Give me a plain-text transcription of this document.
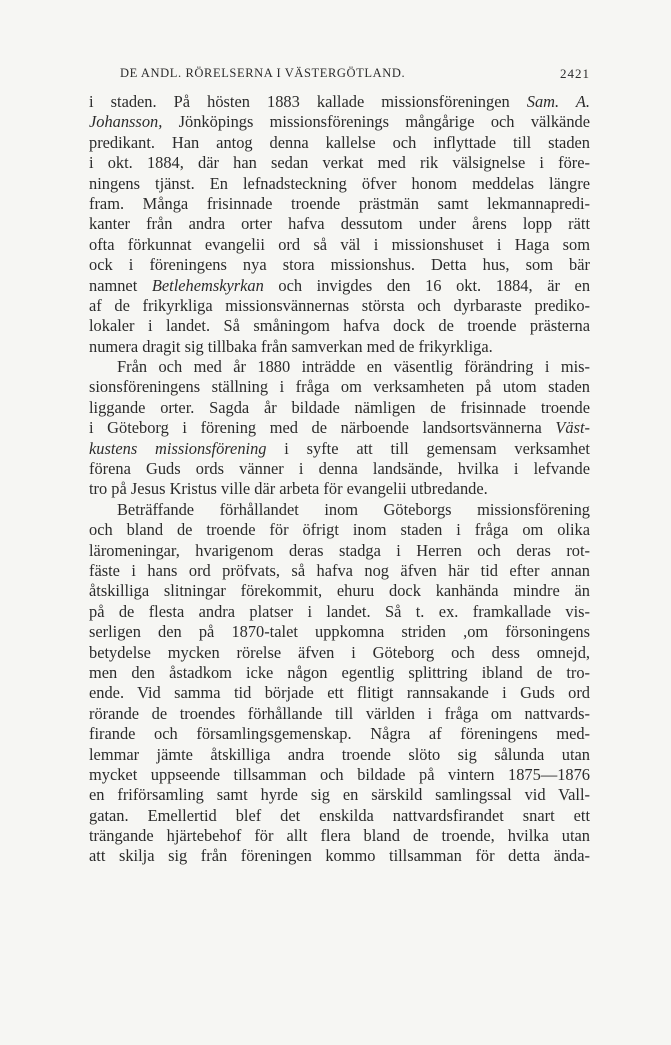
DE ANDL. RÖRELSERNA I VÄSTERGÖTLAND.	2421
i staden. På hösten 1883 kallade missionsföreningen Sam. A.
Johansson, Jönköpings missionsförenings mångårige och välkände
predikant. Han antog denna kallelse och inflyttade till staden
i okt. 1884, där han sedan verkat med rik välsignelse i före-
ningens tjänst. En lefnadsteckning öfver honom meddelas längre
fram. Många frisinnade troende prästmän samt lekmannapredi-
kanter från andra orter hafva dessutom under årens lopp rätt
ofta förkunnat evangelii ord så väl i missionshuset i Haga som
ock i föreningens nya stora missionshus. Detta hus, som bär
namnet Betlehemskyrkan och invigdes den 16 okt. 1884, är en
af de frikyrkliga missionsvännernas största och dyrbaraste prediko-
lokaler i landet. Så småningom hafva dock de troende prästerna
numera dragit sig tillbaka från samverkan med de frikyrkliga.
Från och med år 1880 inträdde en väsentlig förändring i mis-
sionsföreningens ställning i fråga om verksamheten på utom staden
liggande orter. Sagda år bildade nämligen de frisinnade troende
i Göteborg i förening med de närboende landsortsvännerna Väst-
kustens missionsförening i syfte att till gemensam verksamhet
förena Guds ords vänner i denna landsände, hvilka i lefvande
tro på Jesus Kristus ville där arbeta för evangelii utbredande.
Beträffande förhållandet inom Göteborgs missionsförening
och bland de troende för öfrigt inom staden i fråga om olika
läromeningar, hvarigenom deras stadga i Herren och deras rot-
fäste i hans ord pröfvats, så hafva nog äfven här tid efter annan
åtskilliga slitningar förekommit, ehuru dock kanhända mindre än
på de flesta andra platser i landet. Så t. ex. framkallade vis-
serligen den på 1870-talet uppkomna striden ,om försoningens
betydelse mycken rörelse äfven i Göteborg och dess omnejd,
men den åstadkom icke någon egentlig splittring ibland de tro-
ende. Vid samma tid började ett flitigt rannsakande i Guds ord
rörande de troendes förhållande till världen i fråga om nattvards-
firande och församlingsgemenskap. Några af föreningens med-
lemmar jämte åtskilliga andra troende slöto sig sålunda utan
mycket uppseende tillsamman och bildade på vintern 1875—1876
en friförsamling samt hyrde sig en särskild samlingssal vid Vall-
gatan. Emellertid blef det enskilda nattvardsfirandet snart ett
trängande hjärtebehof för allt flera bland de troende, hvilka utan
att skilja sig från föreningen kommo tillsamman för detta ända-
